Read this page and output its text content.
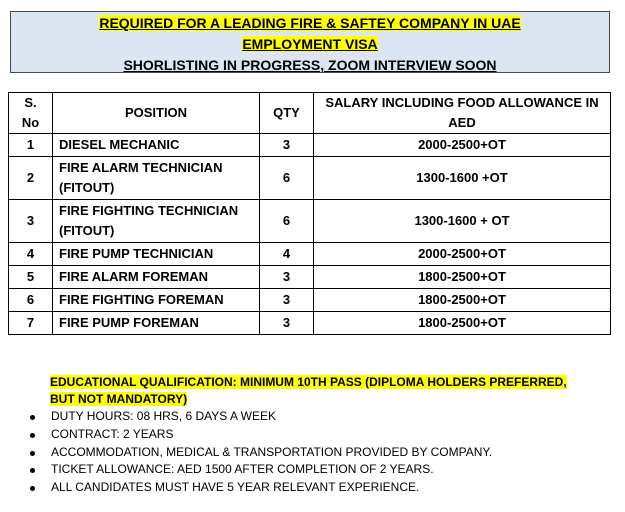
REQUIRED FOR A LEADING FIRE & SAFTEY COMPANY IN UAE
EMPLOYMENT VISA
SHORLISTING IN PROGRESS, ZOOM INTERVIEW SOON
S. No	POSITION	QTY	SALARY INCLUDING FOOD ALLOWANCE IN AED
1	DIESEL MECHANIC	3	2000-2500+OT
2	FIRE ALARM TECHNICIAN (FITOUT)	6	1300-1600 +OT
3	FIRE FIGHTING TECHNICIAN (FITOUT)	6	1300-1600 + OT
4	FIRE PUMP TECHNICIAN	4	2000-2500+OT
5	FIRE ALARM FOREMAN	3	1800-2500+OT
6	FIRE FIGHTING FOREMAN	3	1800-2500+OT
7	FIRE PUMP FOREMAN	3	1800-2500+OT
EDUCATIONAL QUALIFICATION: MINIMUM 10TH PASS (DIPLOMA HOLDERS PREFERRED, BUT NOT MANDATORY)
DUTY HOURS: 08 HRS, 6 DAYS A WEEK
CONTRACT: 2 YEARS
ACCOMMODATION, MEDICAL & TRANSPORTATION PROVIDED BY COMPANY.
TICKET ALLOWANCE: AED 1500 AFTER COMPLETION OF 2 YEARS.
ALL CANDIDATES MUST HAVE 5 YEAR RELEVANT EXPERIENCE.
